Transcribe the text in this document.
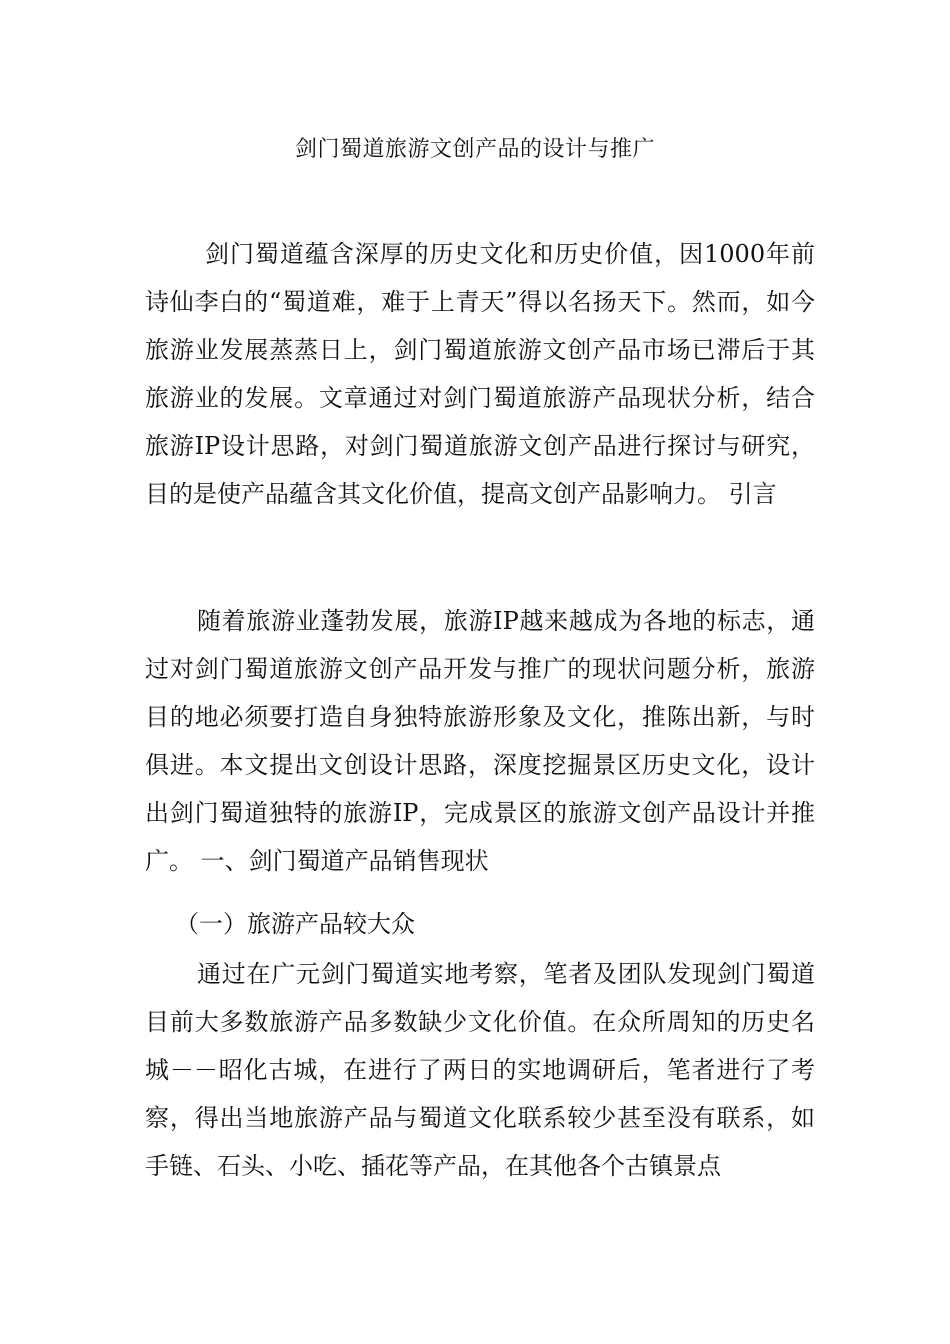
剑门蜀道旅游文创产品的设计与推广

剑门蜀道蕴含深厚的历史文化和历史价值，因1000年前诗仙李白的“蜀道难，难于上青天”得以名扬天下。然而，如今旅游业发展蒸蒸日上，剑门蜀道旅游文创产品市场已滞后于其旅游业的发展。文章通过对剑门蜀道旅游产品现状分析，结合旅游IP设计思路，对剑门蜀道旅游文创产品进行探讨与研究，目的是使产品蕴含其文化价值，提高文创产品影响力。 引言

随着旅游业蓬勃发展，旅游IP越来越成为各地的标志，通过对剑门蜀道旅游文创产品开发与推广的现状问题分析，旅游目的地必须要打造自身独特旅游形象及文化，推陈出新，与时俱进。本文提出文创设计思路，深度挖掘景区历史文化，设计出剑门蜀道独特的旅游IP，完成景区的旅游文创产品设计并推广。 一、剑门蜀道产品销售现状

（一）旅游产品较大众

通过在广元剑门蜀道实地考察，笔者及团队发现剑门蜀道目前大多数旅游产品多数缺少文化价值。在众所周知的历史名城－－昭化古城，在进行了两日的实地调研后，笔者进行了考察，得出当地旅游产品与蜀道文化联系较少甚至没有联系，如手链、石头、小吃、插花等产品，在其他各个古镇景点
